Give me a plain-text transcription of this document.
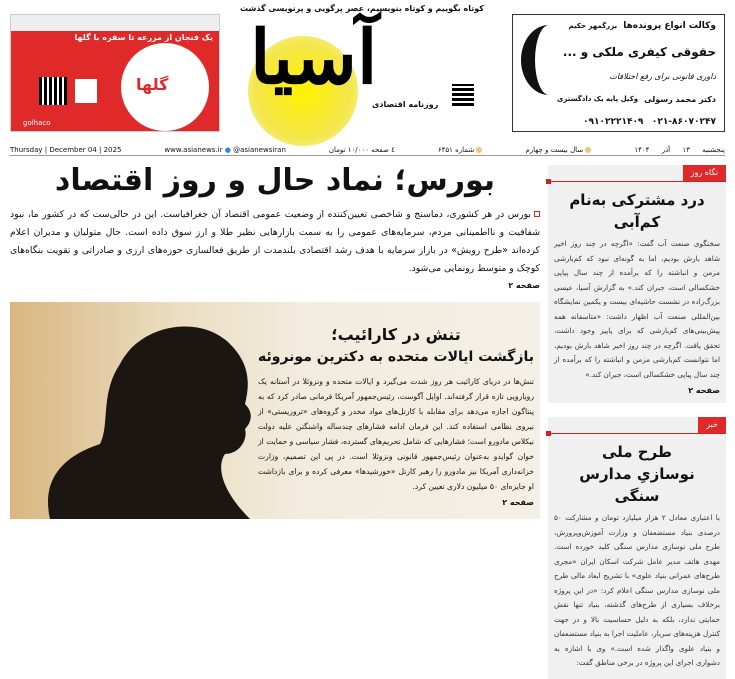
یک فنجان از مزرعه تا سفره با گلها
گلها
golhaco
آسیا
کوتاه بگوییم و کوتاه بنویسیم، عصر پرگویی و پرنویسی گذشت
روزنامه اقتصادی
وکالت انواع پرونده‌ها
بزرگمهر حکیم
حقوقی کیفری ملکی و ...
داوری قانونی برای رفع اختلافات
دکتر محمد رسولی
وکیل پایه یک دادگستری
۰۲۱-۸۶۰۷۰۲۴۷
۰۹۱۰۲۲۲۱۴۰۹
Thursday | December 04 | 2025	www.asianews.ir ● @asianewsiran	٤ صفحه ۱۰/۰۰۰ تومان	شماره ۶۴۵۱	سال بیست و چهارم	پنجشنبه ۱۳ آذر ۱۴۰۴
بورس؛ نماد حال و روز اقتصاد
بورس در هر کشوری، دماسنج و شاخصی تعیین‌کننده از وضعیت عمومی اقتصاد آن جغرافیاست. این در حالی‌ست که در کشور ما، نبود شفافیت و نااطمینانی مردم، سرمایه‌های عمومی را به سمت بازارهایی نظیر طلا و ارز سوق داده است. حال متولیان و مدیران اعلام کرده‌اند «طرح رویش» در بازار سرمایه با هدف رشد اقتصادی بلندمدت از طریق فعالسازی حوزه‌های ارزی و صادراتی و تقویت بنگاه‌های کوچک و متوسط رونمایی می‌شود.
صفحه ۲
تنش در کارائیب؛
بازگشت ایالات متحده به دکترین مونروئه
تنش‌ها در دریای کارائیب هر روز شدت می‌گیرد و ایالات متحده و ونزوئلا در آستانه یک رویارویی تازه قرار گرفته‌اند. اوایل آگوست، رئیس‌جمهور آمریکا فرمانی صادر کرد که به پنتاگون اجازه می‌دهد برای مقابله با کارتل‌های مواد مخدر و گروه‌های «تروریستی» از نیروی نظامی استفاده کند. این فرمان ادامه فشارهای چندساله واشنگتن علیه دولت نیکلاس مادورو است؛ فشارهایی که شامل تحریم‌های گسترده، فشار سیاسی و حمایت از خوان گوایدو به‌عنوان رئیس‌جمهور قانونی ونزوئلا است. در پی این تصمیم، وزارت خزانه‌داری آمریکا نیز مادورو را رهبر کارتل «خورشیدها» معرفی کرده و برای بازداشت او جایزه‌ای ۵۰ میلیون دلاری تعیین کرد.
صفحه ۲
نگاه روز
درد مشترکی به‌نام کم‌آبی

سخنگوی صنعت آب گفت: «اگرچه در چند روز اخیر شاهد بارش بودیم، اما به گونه‌ای نبود که کم‌بارشی مزمن و انباشته را که برآمده از چند سال پیاپی خشکسالی است، جبران کند.» به گزارش آسیا، عیسی بزرگ‌زاده در نشست حاشیه‌ای بیست و یکمین نمایشگاه بین‌المللی صنعت آب اظهار داشت: «متاسفانه همه پیش‌بینی‌های کم‌بارشی که برای پاییز وجود داشت، تحقق یافت. اگرچه در چند روز اخیر شاهد بارش بودیم، اما نتوانست کم‌بارشی مزمن و انباشته را که برآمده از چند سال پیاپی خشکسالی است، جبران کند.»

صفحه ۲
خبر
طرح ملی نوسازیِ مدارس سنگی

با اعتباری معادل ۲ هزار میلیارد تومان و مشارکت ۵۰ درصدی بنیاد مستضعفان و وزارت آموزش‌وپرورش، طرح ملی نوسازی مدارس سنگی کلید خورده است. مهدی هاتف مدیر عامل شرکت اسکان ایران «مجری طرح‌های عمرانی بنیاد علوی» با تشریح ابعاد مالی طرح ملی نوسازی مدارس سنگی اعلام کرد: «در این پروژه برخلاف بسیاری از طرح‌های گذشته، بنیاد تنها نقش حمایتی ندارد، بلکه به دلیل حساسیت بالا و در جهت کنترل هزینه‌های سربار، عاملیت اجرا به بنیاد مستضعفان و بنیاد علوی واگذار شده است.» وی با اشاره به دشواری اجرای این پروژه در برخی مناطق گفت:
